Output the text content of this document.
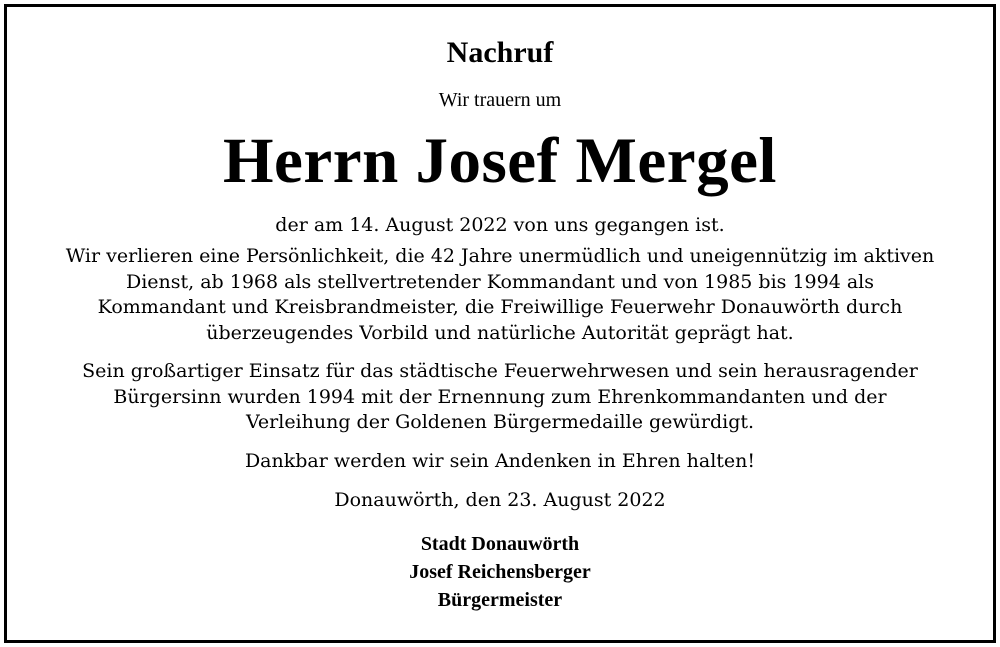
Nachruf
Wir trauern um
Herrn Josef Mergel
der am 14. August 2022 von uns gegangen ist.
Wir verlieren eine Persönlichkeit, die 42 Jahre unermüdlich und uneigennützig im aktiven
Dienst, ab 1968 als stellvertretender Kommandant und von 1985 bis 1994 als
Kommandant und Kreisbrandmeister, die Freiwillige Feuerwehr Donauwörth durch
überzeugendes Vorbild und natürliche Autorität geprägt hat.
Sein großartiger Einsatz für das städtische Feuerwehrwesen und sein herausragender
Bürgersinn wurden 1994 mit der Ernennung zum Ehrenkommandanten und der
Verleihung der Goldenen Bürgermedaille gewürdigt.
Dankbar werden wir sein Andenken in Ehren halten!
Donauwörth, den 23. August 2022
Stadt Donauwörth
Josef Reichensberger
Bürgermeister
